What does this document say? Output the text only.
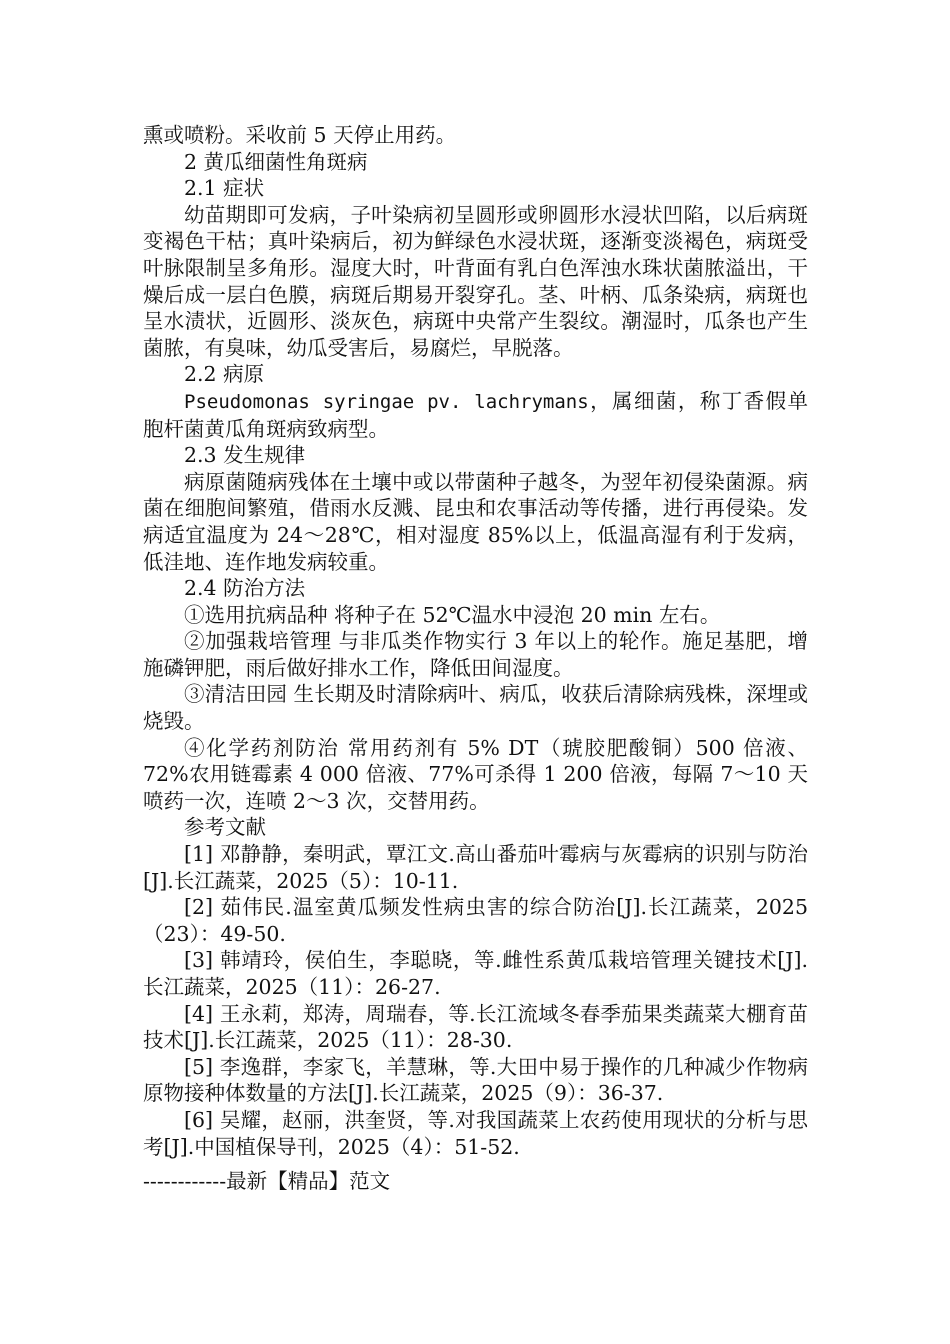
熏或喷粉。采收前 5 天停止用药。

2 黄瓜细菌性角斑病

2.1 症状

幼苗期即可发病，子叶染病初呈圆形或卵圆形水浸状凹陷，以后病斑变褐色干枯；真叶染病后，初为鲜绿色水浸状斑，逐渐变淡褐色，病斑受叶脉限制呈多角形。湿度大时，叶背面有乳白色浑浊水珠状菌脓溢出，干燥后成一层白色膜，病斑后期易开裂穿孔。茎、叶柄、瓜条染病，病斑也呈水渍状，近圆形、淡灰色，病斑中央常产生裂纹。潮湿时，瓜条也产生菌脓，有臭味，幼瓜受害后，易腐烂，早脱落。

2.2 病原

Pseudomonas syringae pv. lachrymans，属细菌，称丁香假单胞杆菌黄瓜角斑病致病型。

2.3 发生规律

病原菌随病残体在土壤中或以带菌种子越冬，为翌年初侵染菌源。病菌在细胞间繁殖，借雨水反溅、昆虫和农事活动等传播，进行再侵染。发病适宜温度为 24～28℃，相对湿度 85%以上，低温高湿有利于发病，低洼地、连作地发病较重。

2.4 防治方法

①选用抗病品种 将种子在 52℃温水中浸泡 20 min 左右。

②加强栽培管理 与非瓜类作物实行 3 年以上的轮作。施足基肥，增施磷钾肥，雨后做好排水工作，降低田间湿度。

③清洁田园 生长期及时清除病叶、病瓜，收获后清除病残株，深埋或烧毁。

④化学药剂防治 常用药剂有 5% DT（琥胶肥酸铜）500 倍液、72%农用链霉素 4 000 倍液、77%可杀得 1 200 倍液，每隔 7～10 天喷药一次，连喷 2～3 次，交替用药。

参考文献

[1] 邓静静，秦明武，覃江文.高山番茄叶霉病与灰霉病的识别与防治[J].长江蔬菜，2025（5）：10-11.

[2] 茹伟民.温室黄瓜频发性病虫害的综合防治[J].长江蔬菜，2025（23）：49-50.

[3] 韩靖玲，侯伯生，李聪晓，等.雌性系黄瓜栽培管理关键技术[J].长江蔬菜，2025（11）：26-27.

[4] 王永莉，郑涛，周瑞春，等.长江流域冬春季茄果类蔬菜大棚育苗技术[J].长江蔬菜，2025（11）：28-30.

[5] 李逸群，李家飞，羊慧琳，等.大田中易于操作的几种减少作物病原物接种体数量的方法[J].长江蔬菜，2025（9）：36-37.

[6] 吴耀，赵丽，洪奎贤，等.对我国蔬菜上农药使用现状的分析与思考[J].中国植保导刊，2025（4）：51-52.

------------最新【精品】范文
